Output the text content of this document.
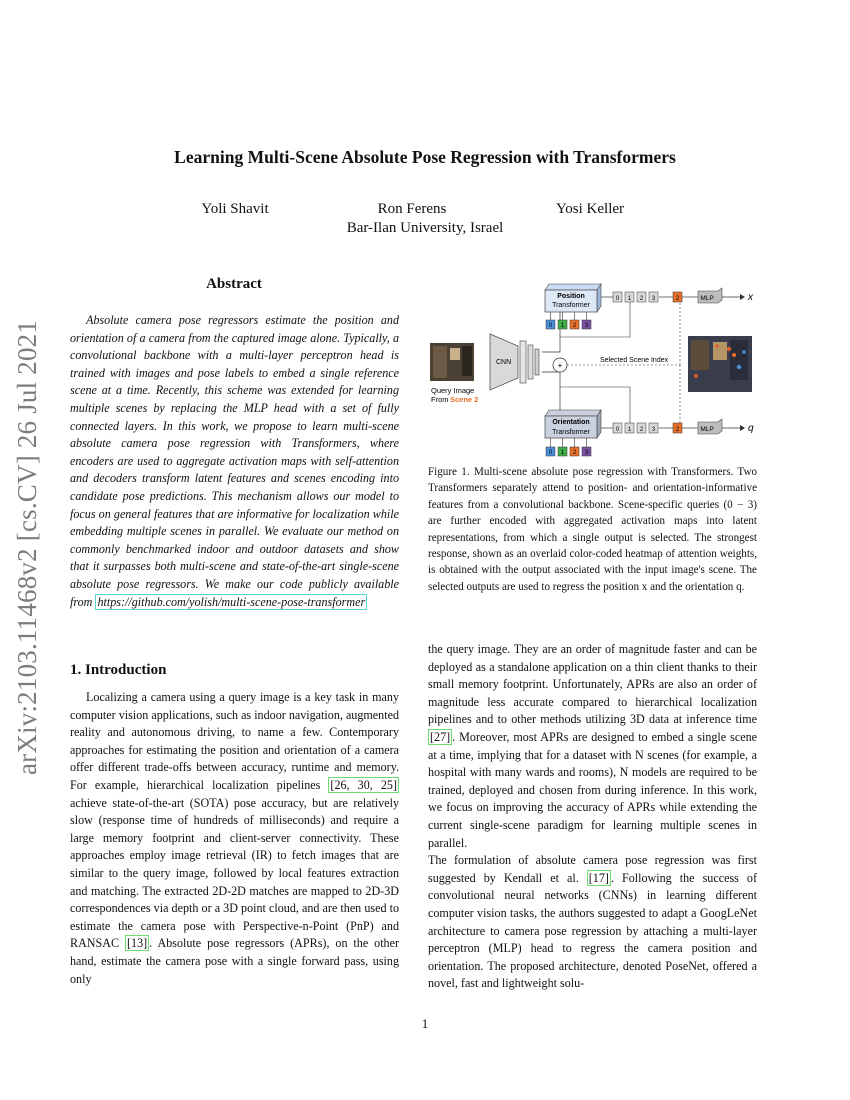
arXiv:2103.11468v2 [cs.CV] 26 Jul 2021
Learning Multi-Scene Absolute Pose Regression with Transformers
Yoli Shavit	Ron Ferens	Yosi Keller
Bar-Ilan University, Israel
Abstract

Absolute camera pose regressors estimate the position and orientation of a camera from the captured image alone. Typically, a convolutional backbone with a multi-layer perceptron head is trained with images and pose labels to embed a single reference scene at a time. Recently, this scheme was extended for learning multiple scenes by replacing the MLP head with a set of fully connected layers. In this work, we propose to learn multi-scene absolute camera pose regression with Transformers, where encoders are used to aggregate activation maps with self-attention and decoders transform latent features and scenes encoding into candidate pose predictions. This mechanism allows our model to focus on general features that are informative for localization while embedding multiple scenes in parallel. We evaluate our method on commonly benchmarked indoor and outdoor datasets and show that it surpasses both multi-scene and state-of-the-art single-scene absolute pose regressors. We make our code publicly available from https://github.com/yolish/multi-scene-pose-transformer

Query Image
From Scene 2
CNN
Position
Transformer
0 1 2 3
0 1 2 3	2	MLP	x
Orientation
Transformer
0 1 2 3
0 1 2 3	2	MLP	q
+
Selected Scene Index

Figure 1. Multi-scene absolute pose regression with Transformers. Two Transformers separately attend to position- and orientation-informative features from a convolutional backbone. Scene-specific queries (0 − 3) are further encoded with aggregated activation maps into latent representations, from which a single output is selected. The strongest response, shown as an overlaid color-coded heatmap of attention weights, is obtained with the output associated with the input image's scene. The selected outputs are used to regress the position x and the orientation q.

1. Introduction

Localizing a camera using a query image is a key task in many computer vision applications, such as indoor navigation, augmented reality and autonomous driving, to name a few. Contemporary approaches for estimating the position and orientation of a camera offer different trade-offs between accuracy, runtime and memory. For example, hierarchical localization pipelines [26, 30, 25] achieve state-of-the-art (SOTA) pose accuracy, but are relatively slow (response time of hundreds of milliseconds) and require a large memory footprint and client-server connectivity. These approaches employ image retrieval (IR) to fetch images that are similar to the query image, followed by local features extraction and matching. The extracted 2D-2D matches are mapped to 2D-3D correspondences via depth or a 3D point cloud, and are then used to estimate the camera pose with Perspective-n-Point (PnP) and RANSAC [13] . Absolute pose regressors (APRs), on the other hand, estimate the camera pose with a single forward pass, using only

the query image. They are an order of magnitude faster and can be deployed as a standalone application on a thin client thanks to their small memory footprint. Unfortunately, APRs are also an order of magnitude less accurate compared to hierarchical localization pipelines and to other methods utilizing 3D data at inference time [27] . Moreover, most APRs are designed to embed a single scene at a time, implying that for a dataset with N scenes (for example, a hospital with many wards and rooms), N models are required to be trained, deployed and chosen from during inference. In this work, we focus on improving the accuracy of APRs while extending the current single-scene paradigm for learning multiple scenes in parallel.

The formulation of absolute camera pose regression was first suggested by Kendall et al. [17] . Following the success of convolutional neural networks (CNNs) in learning different computer vision tasks, the authors suggested to adapt a GoogLeNet architecture to camera pose regression by attaching a multi-layer perceptron (MLP) head to regress the camera position and orientation. The proposed architecture, denoted PoseNet, offered a novel, fast and lightweight solu-

1
